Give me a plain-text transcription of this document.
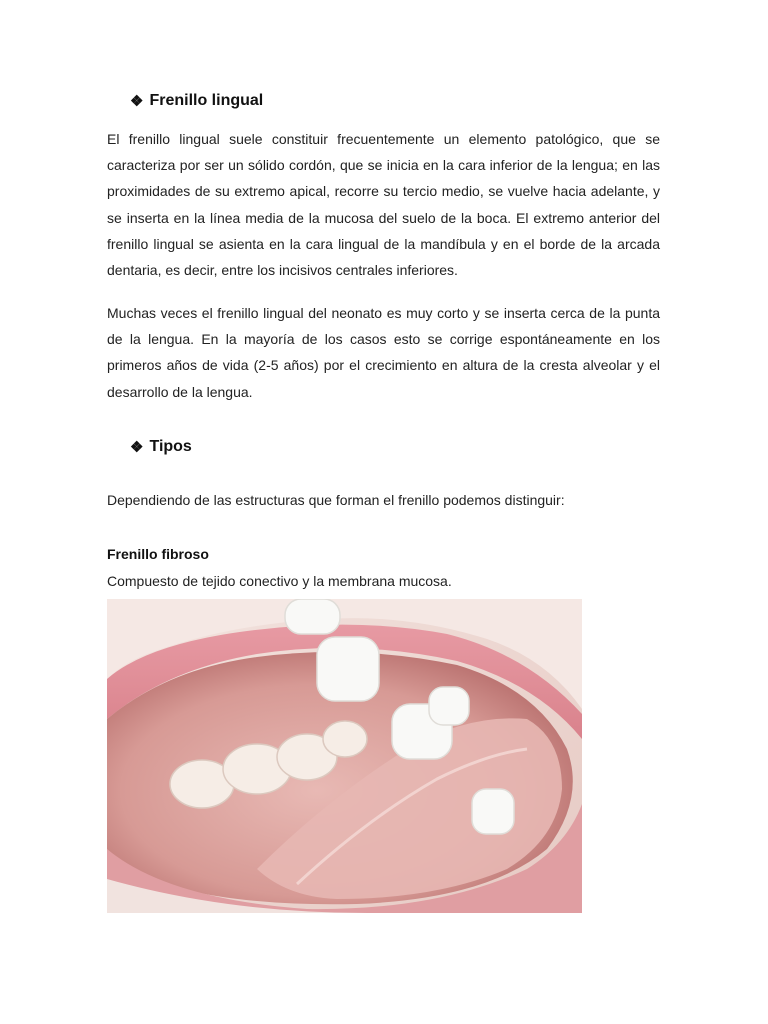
❖ Frenillo lingual

El frenillo lingual suele constituir frecuentemente un elemento patológico, que se caracteriza por ser un sólido cordón, que se inicia en la cara inferior de la lengua; en las proximidades de su extremo apical, recorre su tercio medio, se vuelve hacia adelante, y se inserta en la línea media de la mucosa del suelo de la boca. El extremo anterior del frenillo lingual se asienta en la cara lingual de la mandíbula y en el borde de la arcada dentaria, es decir, entre los incisivos centrales inferiores.

Muchas veces el frenillo lingual del neonato es muy corto y se inserta cerca de la punta de la lengua. En la mayoría de los casos esto se corrige espontáneamente en los primeros años de vida (2-5 años) por el crecimiento en altura de la cresta alveolar y el desarrollo de la lengua.

❖ Tipos
Dependiendo de las estructuras que forman el frenillo podemos distinguir:
Frenillo fibroso
Compuesto de tejido conectivo y la membrana mucosa.
